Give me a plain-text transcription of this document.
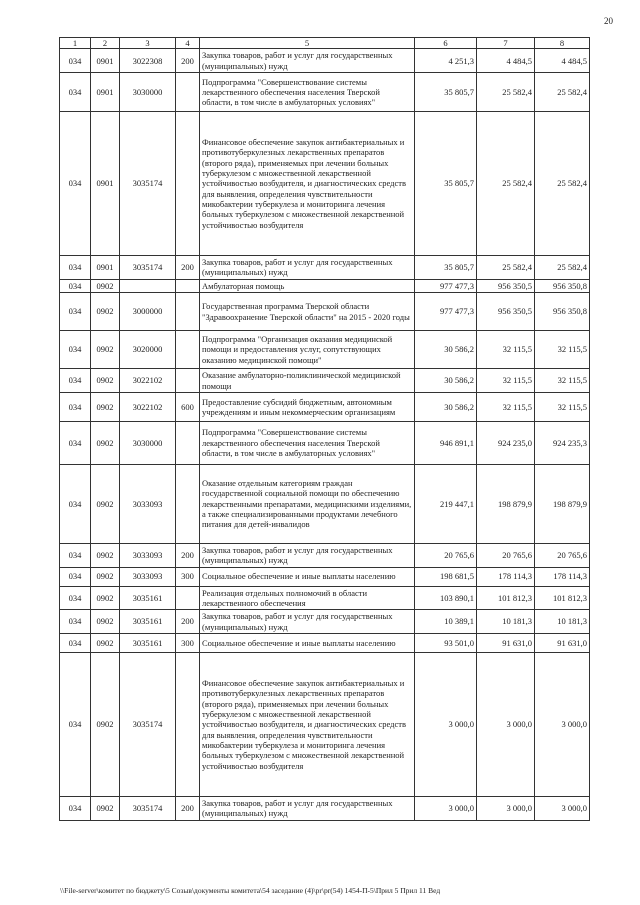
20
1	2	3	4	5	6	7	8
034	0901	3022308	200	Закупка товаров, работ и услуг для государственных (муниципальных) нужд	4 251,3	4 484,5	4 484,5
034	0901	3030000		Подпрограмма "Совершенствование системы лекарственного обеспечения населения Тверской области, в том числе в амбулаторных условиях"	35 805,7	25 582,4	25 582,4
034	0901	3035174		Финансовое обеспечение закупок антибактериальных и противотуберкулезных лекарственных препаратов (второго ряда), применяемых при лечении больных туберкулезом с множественной лекарственной устойчивостью возбудителя, и диагностических средств для выявления, определения чувствительности микобактерии туберкулеза и мониторинга лечения больных туберкулезом с множественной лекарственной устойчивостью возбудителя	35 805,7	25 582,4	25 582,4
034	0901	3035174	200	Закупка товаров, работ и услуг для государственных (муниципальных) нужд	35 805,7	25 582,4	25 582,4
034	0902			Амбулаторная помощь	977 477,3	956 350,5	956 350,8
034	0902	3000000		Государственная программа Тверской области "Здравоохранение Тверской области" на 2015 - 2020 годы	977 477,3	956 350,5	956 350,8
034	0902	3020000		Подпрограмма "Организация оказания медицинской помощи и предоставления услуг, сопутствующих оказанию медицинской помощи"	30 586,2	32 115,5	32 115,5
034	0902	3022102		Оказание амбулаторно-поликлинической медицинской помощи	30 586,2	32 115,5	32 115,5
034	0902	3022102	600	Предоставление субсидий бюджетным, автономным учреждениям и иным некоммерческим организациям	30 586,2	32 115,5	32 115,5
034	0902	3030000		Подпрограмма "Совершенствование системы лекарственного обеспечения населения Тверской области, в том числе в амбулаторных условиях"	946 891,1	924 235,0	924 235,3
034	0902	3033093		Оказание отдельным категориям граждан государственной социальной помощи по обеспечению лекарственными препаратами, медицинскими изделиями, а также специализированными продуктами лечебного питания для детей-инвалидов	219 447,1	198 879,9	198 879,9
034	0902	3033093	200	Закупка товаров, работ и услуг для государственных (муниципальных) нужд	20 765,6	20 765,6	20 765,6
034	0902	3033093	300	Социальное обеспечение и иные выплаты населению	198 681,5	178 114,3	178 114,3
034	0902	3035161		Реализация отдельных полномочий в области лекарственного обеспечения	103 890,1	101 812,3	101 812,3
034	0902	3035161	200	Закупка товаров, работ и услуг для государственных (муниципальных) нужд	10 389,1	10 181,3	10 181,3
034	0902	3035161	300	Социальное обеспечение и иные выплаты населению	93 501,0	91 631,0	91 631,0
034	0902	3035174		Финансовое обеспечение закупок антибактериальных и противотуберкулезных лекарственных препаратов (второго ряда), применяемых при лечении больных туберкулезом с множественной лекарственной устойчивостью возбудителя, и диагностических средств для выявления, определения чувствительности микобактерии туберкулеза и мониторинга лечения больных туберкулезом с множественной лекарственной устойчивостью возбудителя	3 000,0	3 000,0	3 000,0
034	0902	3035174	200	Закупка товаров, работ и услуг для государственных (муниципальных) нужд	3 000,0	3 000,0	3 000,0
\\File-server\комитет по бюджету\5 Созыв\документы комитета\54 заседание (4)\pr\pr(54) 1454-П-5\Прил 5 Прил 11 Вед
